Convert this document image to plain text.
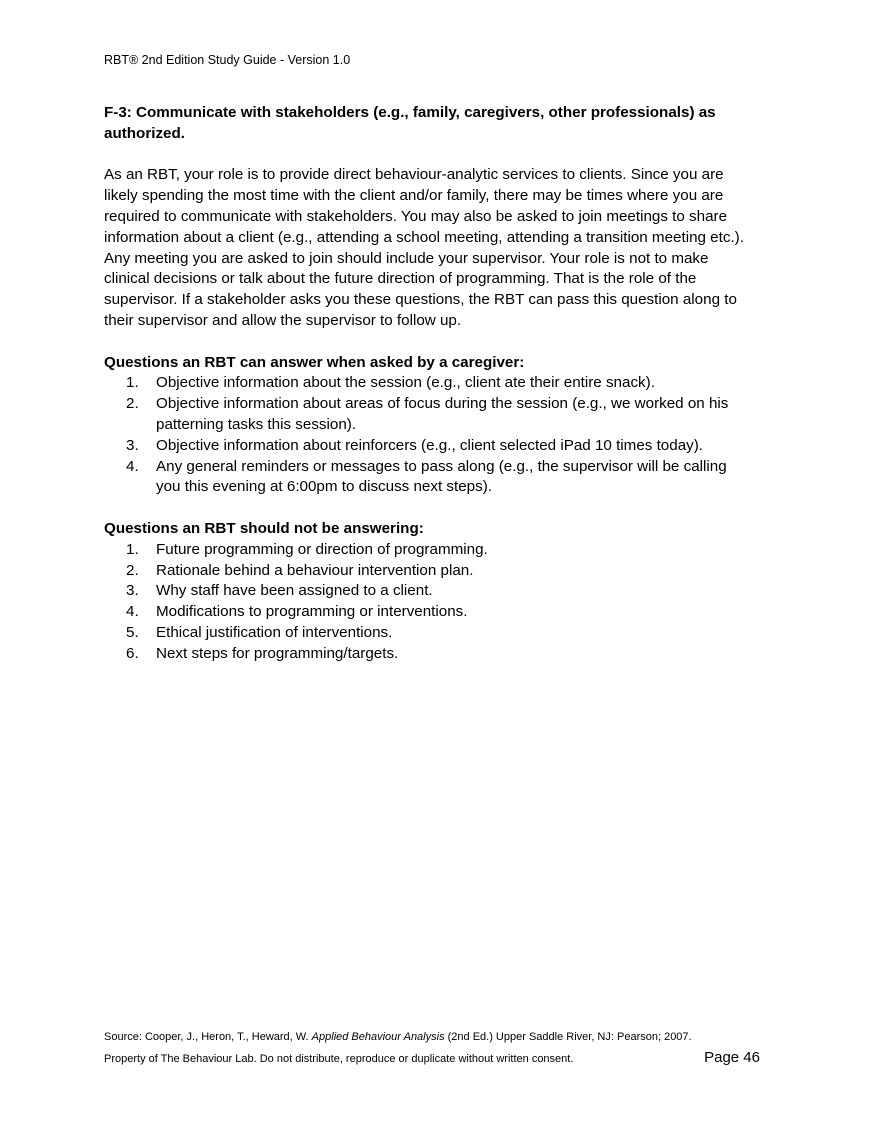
RBT® 2nd Edition Study Guide - Version 1.0
F-3: Communicate with stakeholders (e.g., family, caregivers, other professionals) as
authorized.
As an RBT, your role is to provide direct behaviour-analytic services to clients. Since you are
likely spending the most time with the client and/or family, there may be times where you are
required to communicate with stakeholders. You may also be asked to join meetings to share
information about a client (e.g., attending a school meeting, attending a transition meeting etc.).
Any meeting you are asked to join should include your supervisor. Your role is not to make
clinical decisions or talk about the future direction of programming. That is the role of the
supervisor. If a stakeholder asks you these questions, the RBT can pass this question along to
their supervisor and allow the supervisor to follow up.
Questions an RBT can answer when asked by a caregiver:
1. Objective information about the session (e.g., client ate their entire snack).
2. Objective information about areas of focus during the session (e.g., we worked on his
patterning tasks this session).
3. Objective information about reinforcers (e.g., client selected iPad 10 times today).
4. Any general reminders or messages to pass along (e.g., the supervisor will be calling
you this evening at 6:00pm to discuss next steps).
Questions an RBT should not be answering:
1. Future programming or direction of programming.
2. Rationale behind a behaviour intervention plan.
3. Why staff have been assigned to a client.
4. Modifications to programming or interventions.
5. Ethical justification of interventions.
6. Next steps for programming/targets.
Source: Cooper, J., Heron, T., Heward, W. Applied Behaviour Analysis (2nd Ed.) Upper Saddle River, NJ: Pearson; 2007.
Property of The Behaviour Lab. Do not distribute, reproduce or duplicate without written consent.	Page 46
